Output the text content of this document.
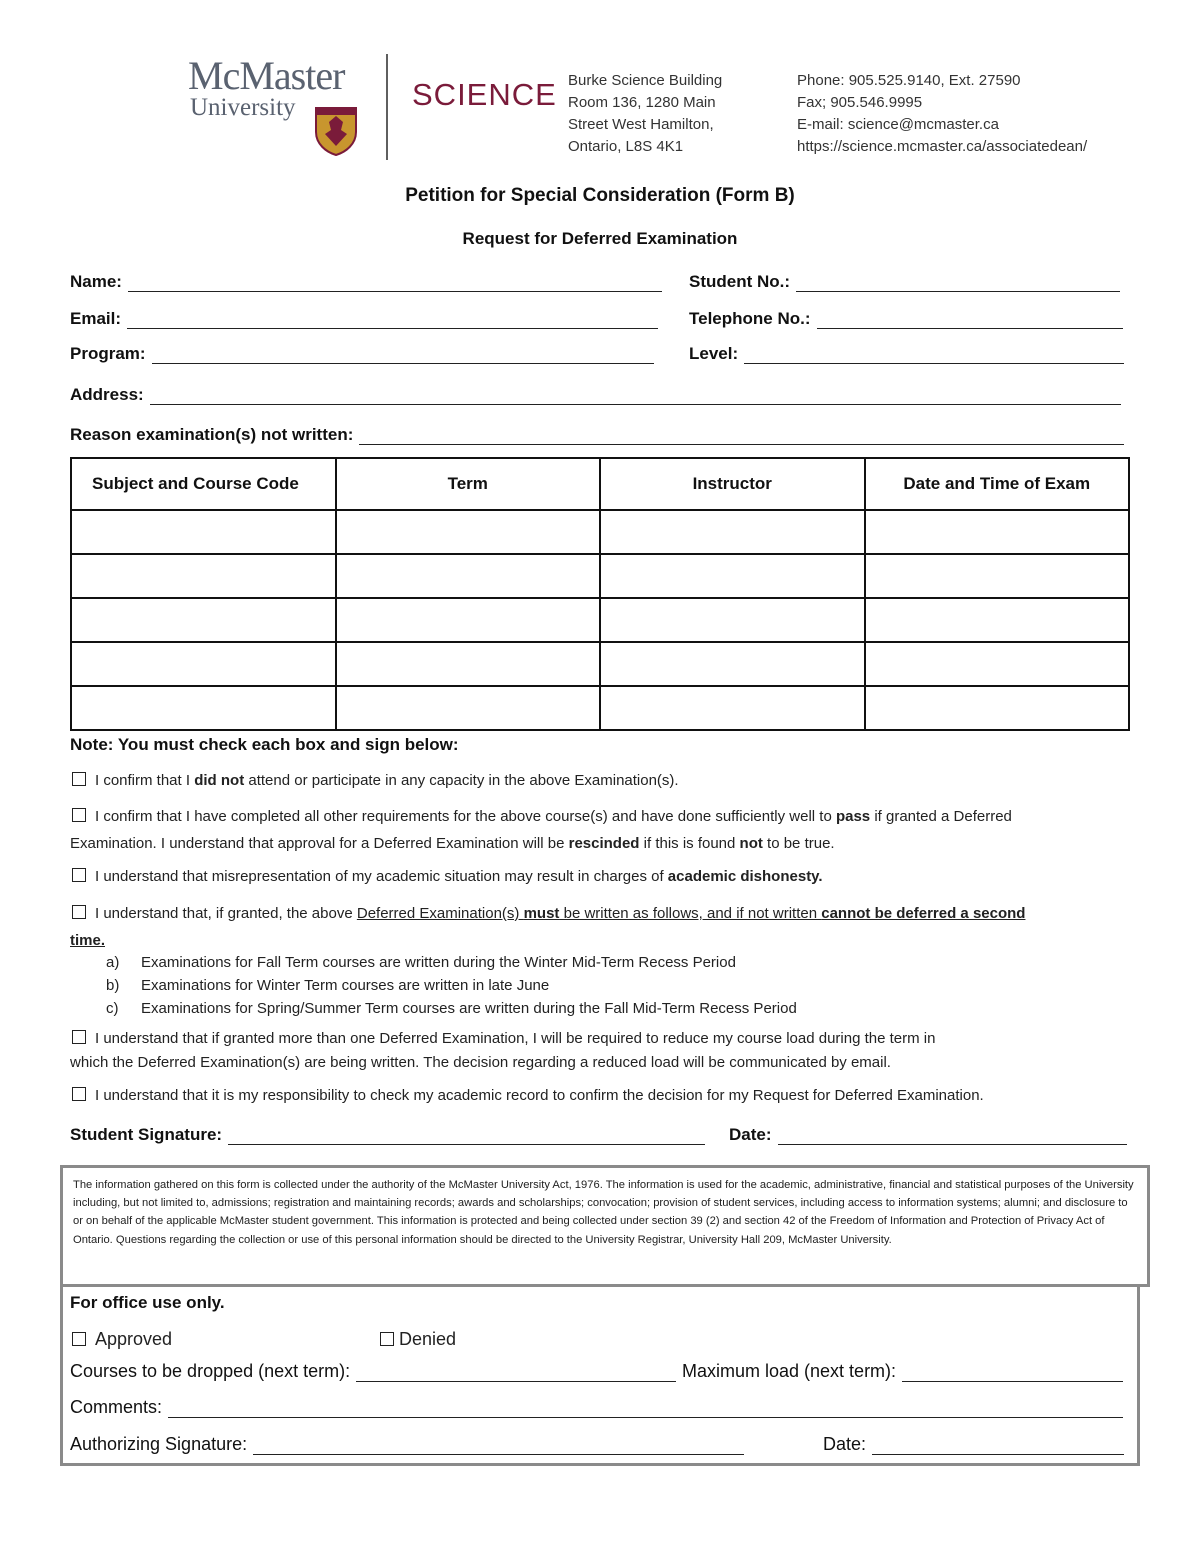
McMaster
University	SCIENCE Burke Science Building
Room 136, 1280 Main
Street West Hamilton,
Ontario, L8S 4K1
Phone: 905.525.9140, Ext. 27590
Fax; 905.546.9995
E-mail: science@mcmaster.ca
https://science.mcmaster.ca/associatedean/
Petition for Special Consideration (Form B)
Request for Deferred Examination
Name:	Student No.:
Email:	Telephone No.:
Program:	Level:
Address:
Reason examination(s) not written:
Subject and Course Code	Term	Instructor	Date and Time of Exam

Note: You must check each box and sign below:
I confirm that I did not attend or participate in any capacity in the above Examination(s).
I confirm that I have completed all other requirements for the above course(s) and have done sufficiently well to pass if granted a Deferred
Examination. I understand that approval for a Deferred Examination will be rescinded if this is found not to be true.
I understand that misrepresentation of my academic situation may result in charges of academic dishonesty.
I understand that, if granted, the above Deferred Examination(s) must be written as follows, and if not written cannot be deferred a second
time.
a)	Examinations for Fall Term courses are written during the Winter Mid-Term Recess Period
b)	Examinations for Winter Term courses are written in late June
c)	Examinations for Spring/Summer Term courses are written during the Fall Mid-Term Recess Period
I understand that if granted more than one Deferred Examination, I will be required to reduce my course load during the term in
which the Deferred Examination(s) are being written. The decision regarding a reduced load will be communicated by email.
I understand that it is my responsibility to check my academic record to confirm the decision for my Request for Deferred Examination.
Student Signature:	Date:
The information gathered on this form is collected under the authority of the McMaster University Act, 1976. The information is used for the academic, administrative, financial and statistical purposes of the University including, but not limited to, admissions; registration and maintaining records; awards and scholarships; convocation; provision of student services, including access to information systems; alumni; and disclosure to or on behalf of the applicable McMaster student government. This information is protected and being collected under section 39 (2) and section 42 of the Freedom of Information and Protection of Privacy Act of Ontario. Questions regarding the collection or use of this personal information should be directed to the University Registrar, University Hall 209, McMaster University.
For office use only.
Approved	Denied
Courses to be dropped (next term):	Maximum load (next term):
Comments:
Authorizing Signature:	Date:
